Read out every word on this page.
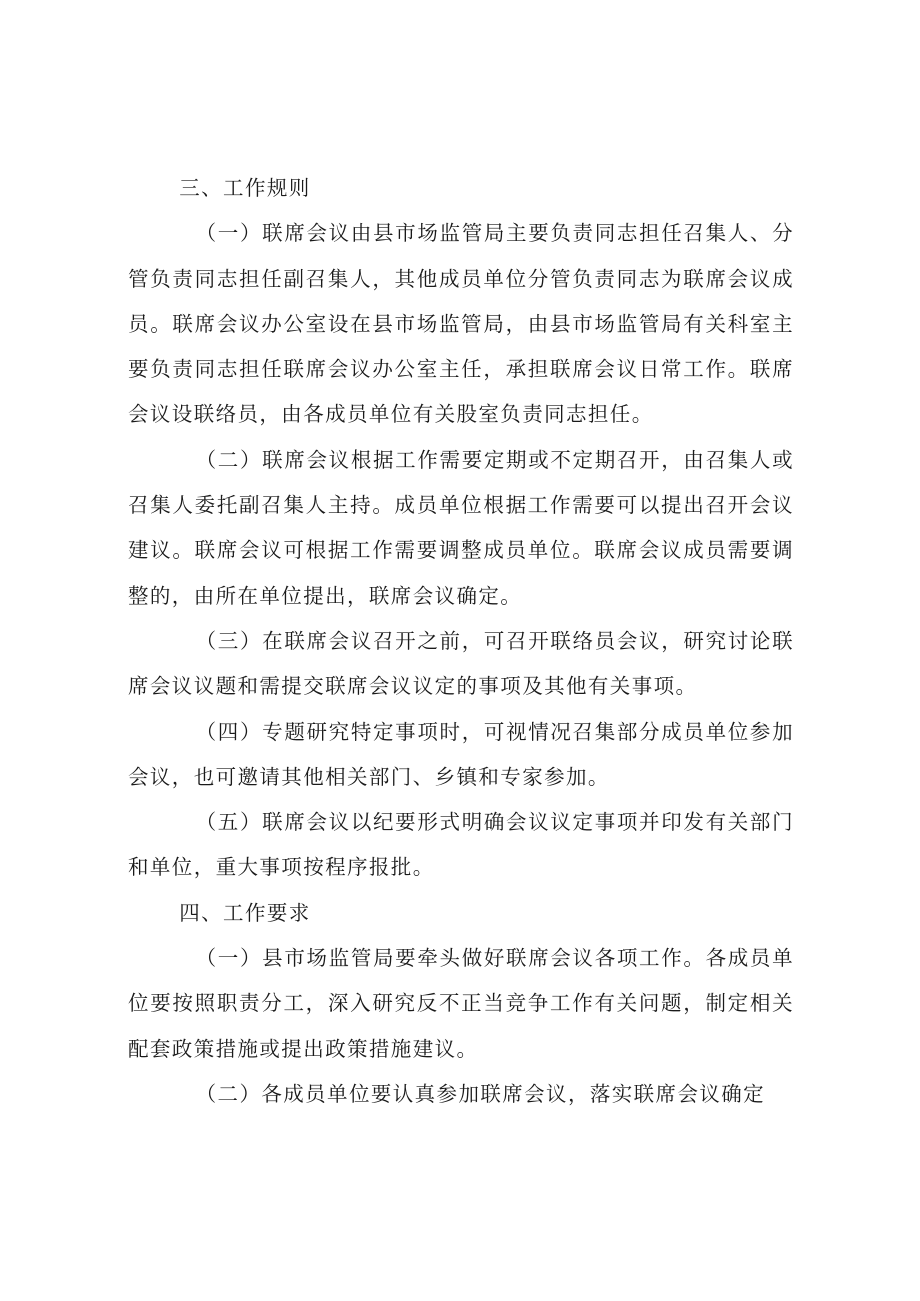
三、工作规则

（一）联席会议由县市场监管局主要负责同志担任召集人、分管负责同志担任副召集人，其他成员单位分管负责同志为联席会议成员。联席会议办公室设在县市场监管局，由县市场监管局有关科室主要负责同志担任联席会议办公室主任，承担联席会议日常工作。联席会议设联络员，由各成员单位有关股室负责同志担任。

（二）联席会议根据工作需要定期或不定期召开，由召集人或召集人委托副召集人主持。成员单位根据工作需要可以提出召开会议建议。联席会议可根据工作需要调整成员单位。联席会议成员需要调整的，由所在单位提出，联席会议确定。

（三）在联席会议召开之前，可召开联络员会议，研究讨论联席会议议题和需提交联席会议议定的事项及其他有关事项。

（四）专题研究特定事项时，可视情况召集部分成员单位参加会议，也可邀请其他相关部门、乡镇和专家参加。

（五）联席会议以纪要形式明确会议议定事项并印发有关部门和单位，重大事项按程序报批。

四、工作要求

（一）县市场监管局要牵头做好联席会议各项工作。各成员单位要按照职责分工，深入研究反不正当竞争工作有关问题，制定相关配套政策措施或提出政策措施建议。

（二）各成员单位要认真参加联席会议，落实联席会议确定
